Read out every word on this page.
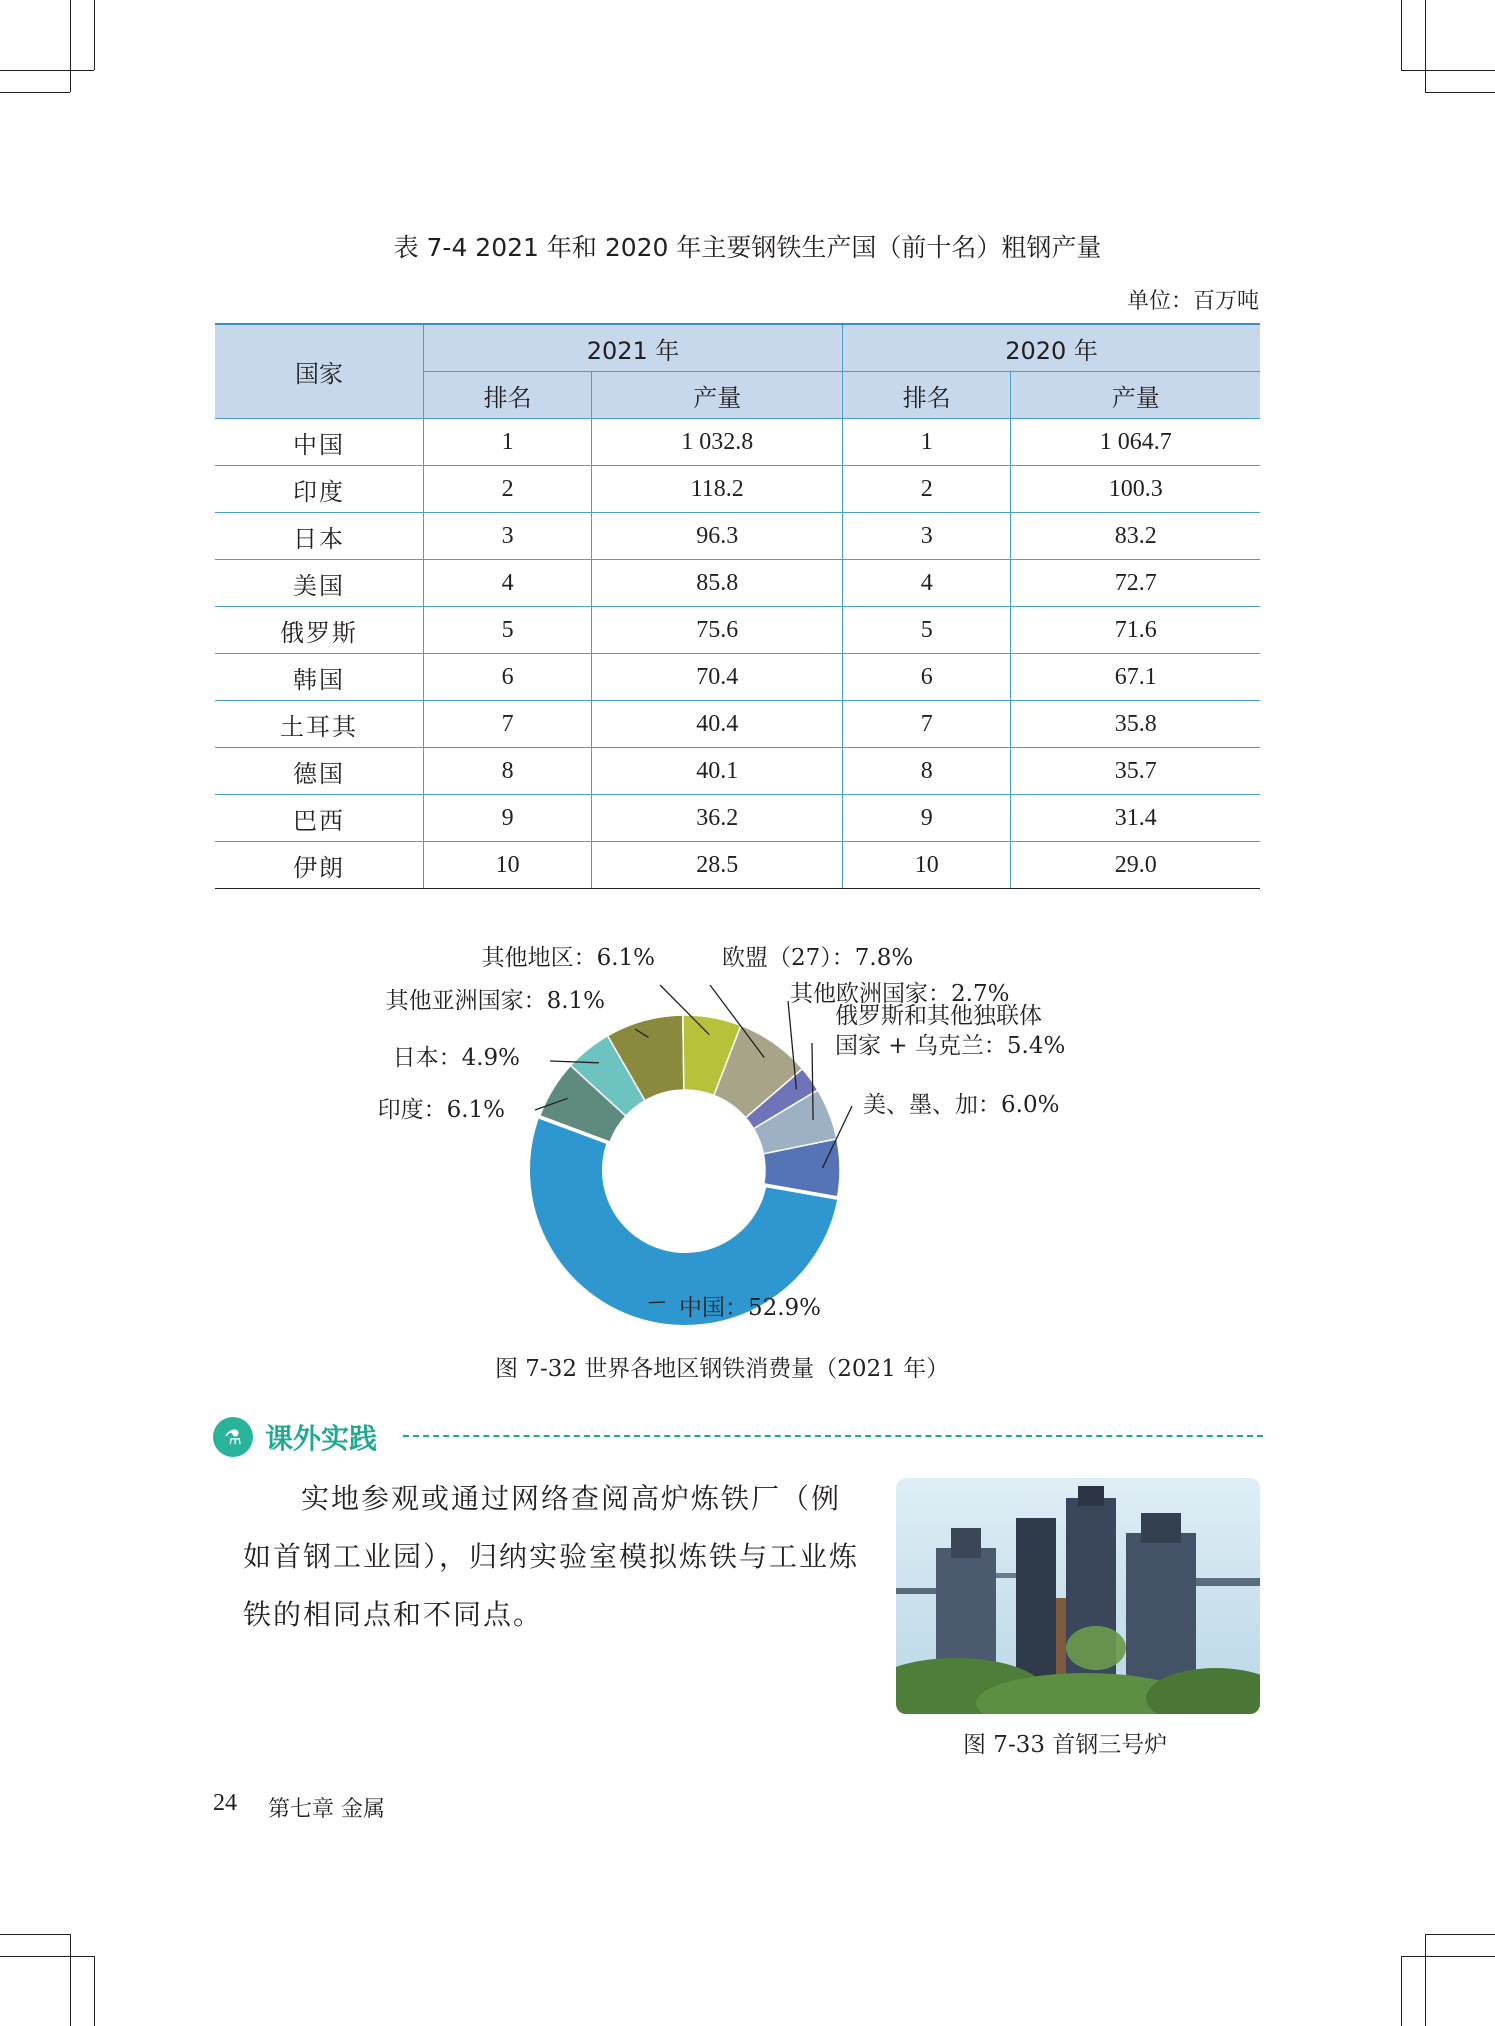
表 7-4 2021 年和 2020 年主要钢铁生产国（前十名）粗钢产量
单位：百万吨
国家	2021 年		2020 年	
	排名	产量	排名	产量
中国	1	1 032.8	1	1 064.7
印度	2	118.2	2	100.3
日本	3	96.3	3	83.2
美国	4	85.8	4	72.7
俄罗斯	5	75.6	5	71.6
韩国	6	70.4	6	67.1
土耳其	7	40.4	7	35.8
德国	8	40.1	8	35.7
巴西	9	36.2	9	31.4
伊朗	10	28.5	10	29.0
中国：52.9%
印度：6.1%
日本：4.9%
其他亚洲国家：8.1%
其他地区：6.1%	欧盟（27）：7.8%
其他欧洲国家：2.7%
俄罗斯和其他独联体
国家 + 乌克兰：5.4%
美、墨、加：6.0%
图 7-32 世界各地区钢铁消费量（2021 年）
⚗ 课外实践
实地参观或通过网络查阅高炉炼铁厂（例如首钢工业园），归纳实验室模拟炼铁与工业炼铁的相同点和不同点。
图 7-33 首钢三号炉
24 第七章 金属
